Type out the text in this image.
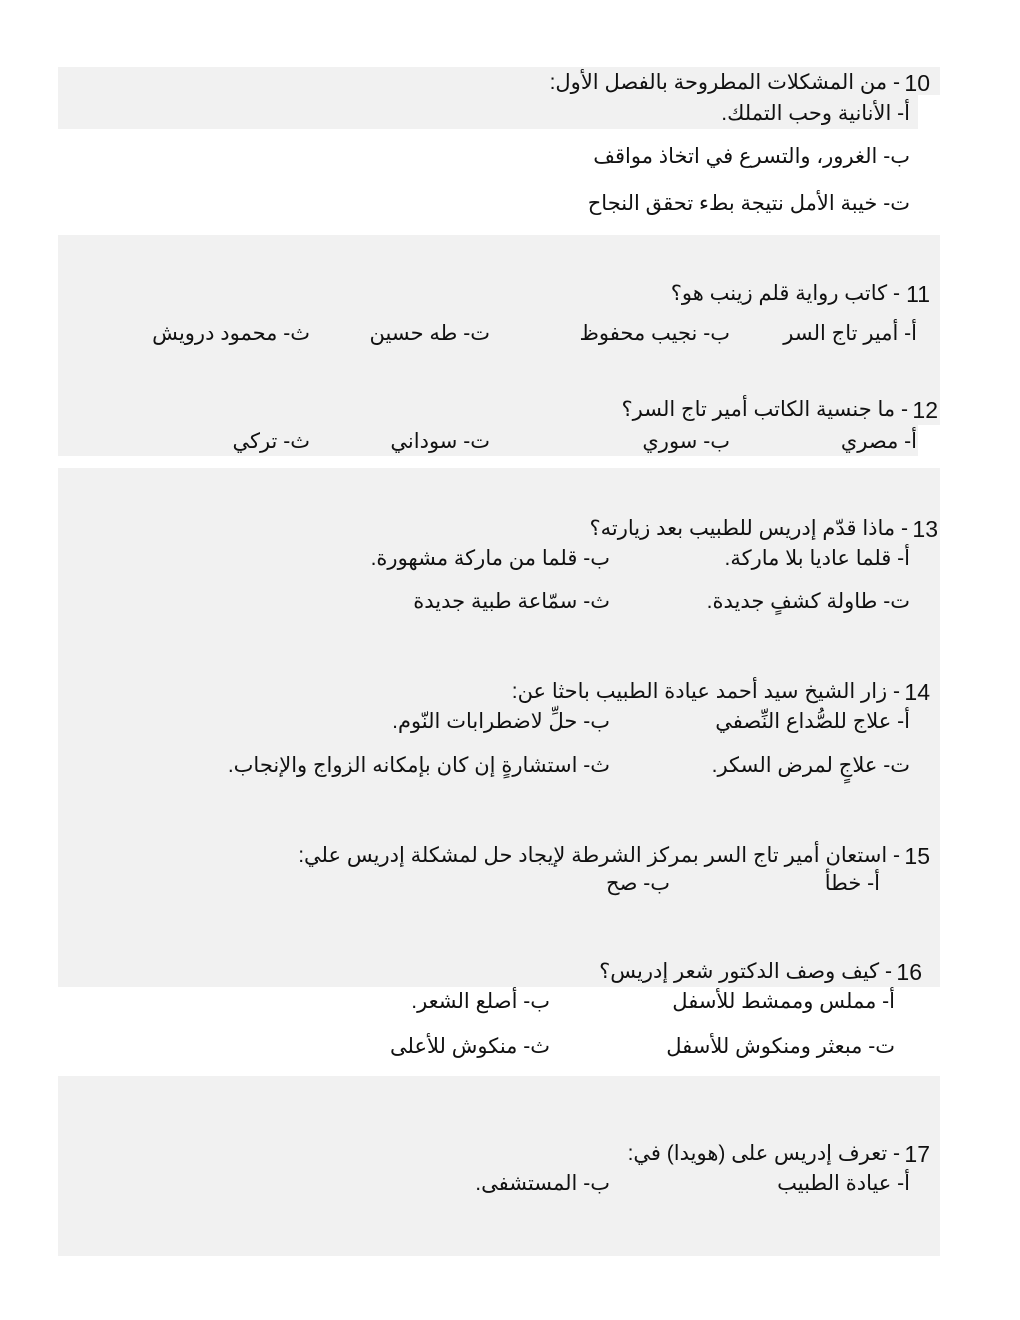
10
- من المشكلات المطروحة بالفصل الأول:
أ- الأنانية وحب التملك.
ب- الغرور، والتسرع في اتخاذ مواقف
ت- خيبة الأمل نتيجة بطء تحقق النجاح
11
- كاتب رواية قلم زينب هو؟
أ- أمير تاج السر
ب- نجيب محفوظ
ت- طه حسين
ث- محمود درويش
12
- ما جنسية الكاتب أمير تاج السر؟
أ- مصري
ب- سوري
ت- سوداني
ث- تركي
13
- ماذا قدّم إدريس للطبيب بعد زيارته؟
أ- قلما عاديا بلا ماركة.
ب- قلما من ماركة مشهورة.
ت- طاولة كشفٍ جديدة.
ث- سمّاعة طبية جديدة
14
- زار الشيخ سيد أحمد عيادة الطبيب باحثا عن:
أ- علاج للصُّداع النِّصفي
ب- حلِّ لاضطرابات النّوم.
ت- علاجٍ لمرض السكر.
ث- استشارةٍ إن كان بإمكانه الزواج والإنجاب.
15
- استعان أمير تاج السر بمركز الشرطة لإيجاد حل لمشكلة إدريس علي:
أ- خطأ
ب- صح
16
- كيف وصف الدكتور شعر إدريس؟
أ- مملس وممشط للأسفل
ب- أصلع الشعر.
ت- مبعثر ومنكوش للأسفل
ث- منكوش للأعلى
17
- تعرف إدريس على (هويدا) في:
أ- عيادة الطبيب
ب- المستشفى.
